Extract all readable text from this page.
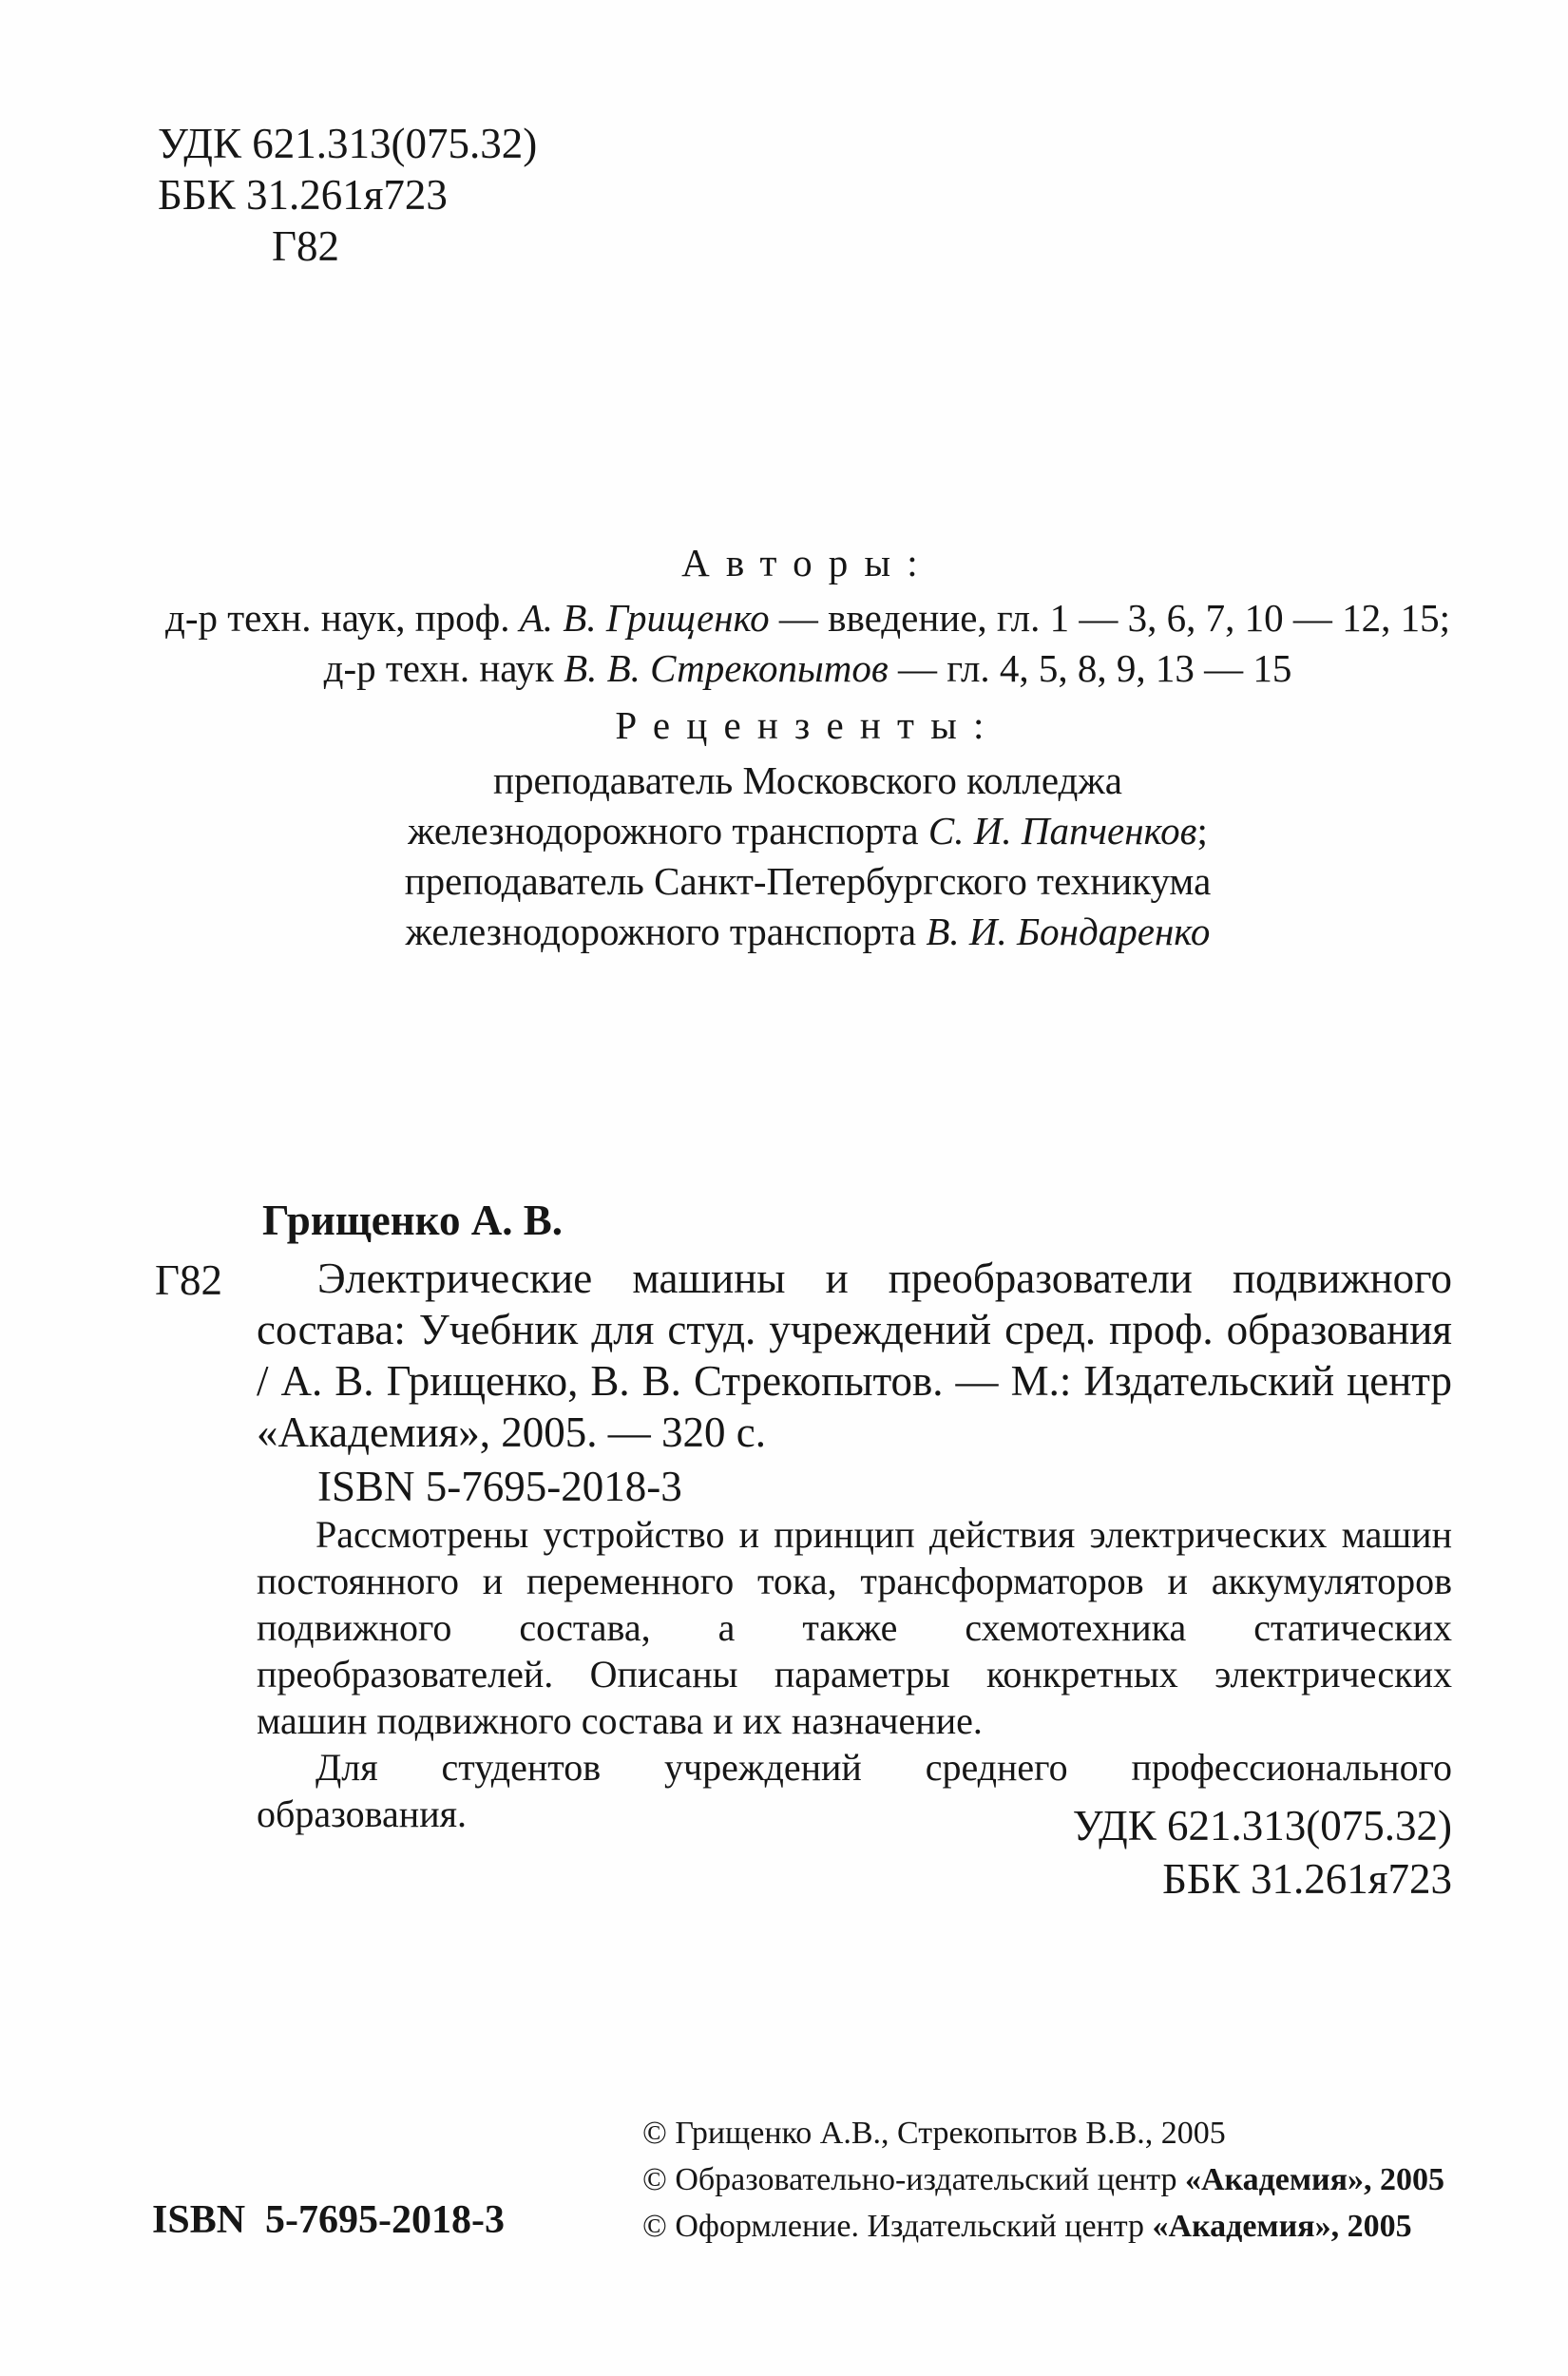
УДК 621.313(075.32)
ББК 31.261я723
Г82
Авторы:
д-р техн. наук, проф. А. В. Грищенко — введение, гл. 1 — 3, 6, 7, 10 — 12, 15;
д-р техн. наук В. В. Стрекопытов — гл. 4, 5, 8, 9, 13 — 15
Рецензенты:
преподаватель Московского колледжа
железнодорожного транспорта С. И. Папченков;
преподаватель Санкт-Петербургского техникума
железнодорожного транспорта В. И. Бондаренко
Грищенко А. В.
Г82	Электрические машины и преобразователи подвижного состава: Учебник для студ. учреждений сред. проф. образования / А. В. Грищенко, В. В. Стрекопытов. — М.: Издательский центр «Академия», 2005. — 320 с.

ISBN 5-7695-2018-3

Рассмотрены устройство и принцип действия электрических машин постоянного и переменного тока, трансформаторов и аккумуляторов подвижного состава, а также схемотехника статических преобразователей. Описаны параметры конкретных электрических машин подвижного состава и их назначение.

Для студентов учреждений среднего профессионального образования.	УДК 621.313(075.32)
ББК 31.261я723
© Грищенко А.В., Стрекопытов В.В., 2005
© Образовательно-издательский центр «Академия», 2005
© Оформление. Издательский центр «Академия», 2005
ISBN  5-7695-2018-3
